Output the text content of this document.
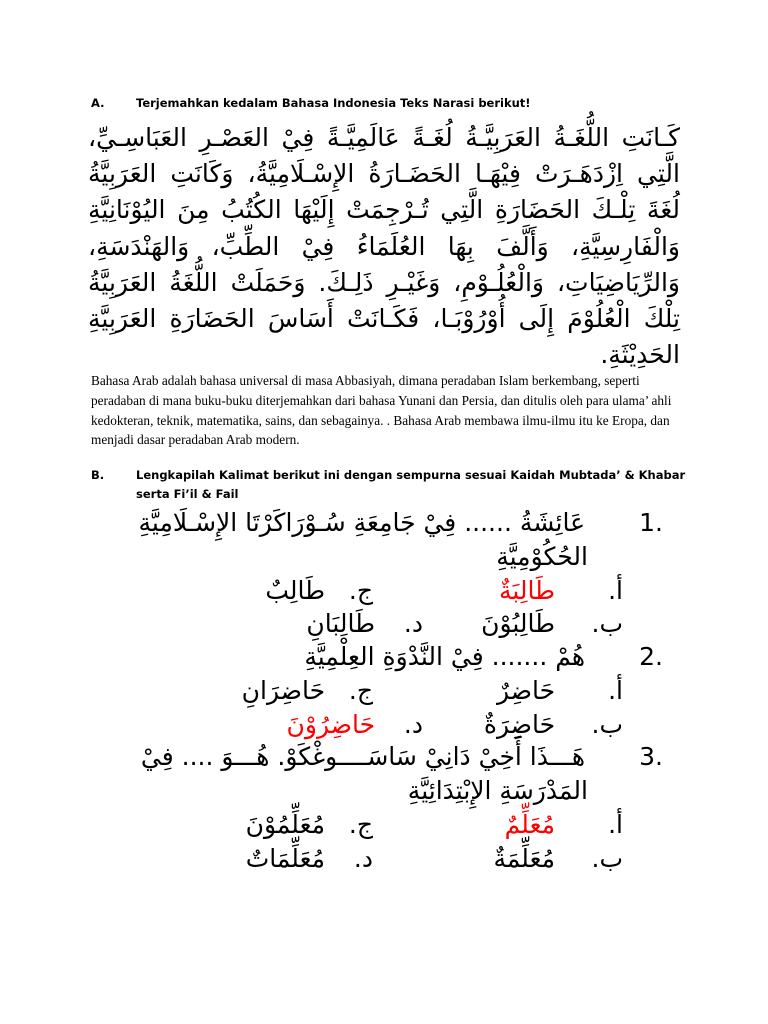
A.	Terjemahkan kedalam Bahasa Indonesia Teks Narasi berikut!

كَـانَتِ اللُّغَـةُ العَرَبِيَّـةُ لُغَـةً عَالَمِيَّـةً فِيْ العَصْـرِ العَبَاسِـيِّ، الَّتِي اِزْدَهَـرَتْ فِيْهَـا الحَضَـارَةُ الإِسْـلَامِيَّةُ، وَكَانَتِ العَرَبِيَّةُ لُغَةَ تِلْـكَ الحَضَارَةِ الَّتِي تُـرْجِمَتْ إِلَيْهَا الكُتُبُ مِنَ اليُوْنَانِيَّةِ وَالْفَارِسِيَّةِ، وَأَلَّفَ بِهَا العُلَمَاءُ فِيْ الطِّبِّ، وَالهَنْدَسَةِ، وَالرِّيَاضِيَاتِ، وَالْعُلُـوْمِ، وَغَيْـرِ ذَلِـكَ. وَحَمَلَتْ اللُّغَةُ العَرَبِيَّةُ تِلْكَ الْعُلُوْمَ إِلَى أُوْرُوْبَـا، فَكَـانَتْ أَسَاسَ الحَضَارَةِ العَرَبِيَّةِ الحَدِيْثَةِ.

Bahasa Arab adalah bahasa universal di masa Abbasiyah, dimana peradaban Islam berkembang, seperti peradaban di mana buku-buku diterjemahkan dari bahasa Yunani dan Persia, dan ditulis oleh para ulama’ ahli kedokteran, teknik, matematika, sains, dan sebagainya. . Bahasa Arab membawa ilmu-ilmu itu ke Eropa, dan menjadi dasar peradaban Arab modern.

B.	Lengkapilah Kalimat berikut ini dengan sempurna sesuai Kaidah Mubtada’ & Khabar serta Fi’il & Fail
.1 عَائِشَةُ ...... فِيْ جَامِعَةِ سُـوْرَاكَرْتَا الإِسْـلَامِيَّةِ
الحُكُوْمِيَّةِ
أ. طَالِبَةٌ
ج. طَالِبٌ
ب. طَالِبُوْنَ
د. طَالِبَانِ
.2 هُمْ ....... فِيْ النَّدْوَةِ العِلْمِيَّةِ
أ. حَاضِرٌ
ج. حَاضِرَانِ
ب. حَاضِرَةٌ
د. حَاضِرُوْنَ
.3 هَـــذَا أَخِيْ دَانِيْ سَاسَــــوغْكَوْ. هُـــوَ .... فِيْ
المَدْرَسَةِ الإِبْتِدَائِيَّةِ
أ. مُعَلِّمٌ
ج. مُعَلِّمُوْنَ
ب. مُعَلِّمَةٌ
د. مُعَلِّمَاتٌ
